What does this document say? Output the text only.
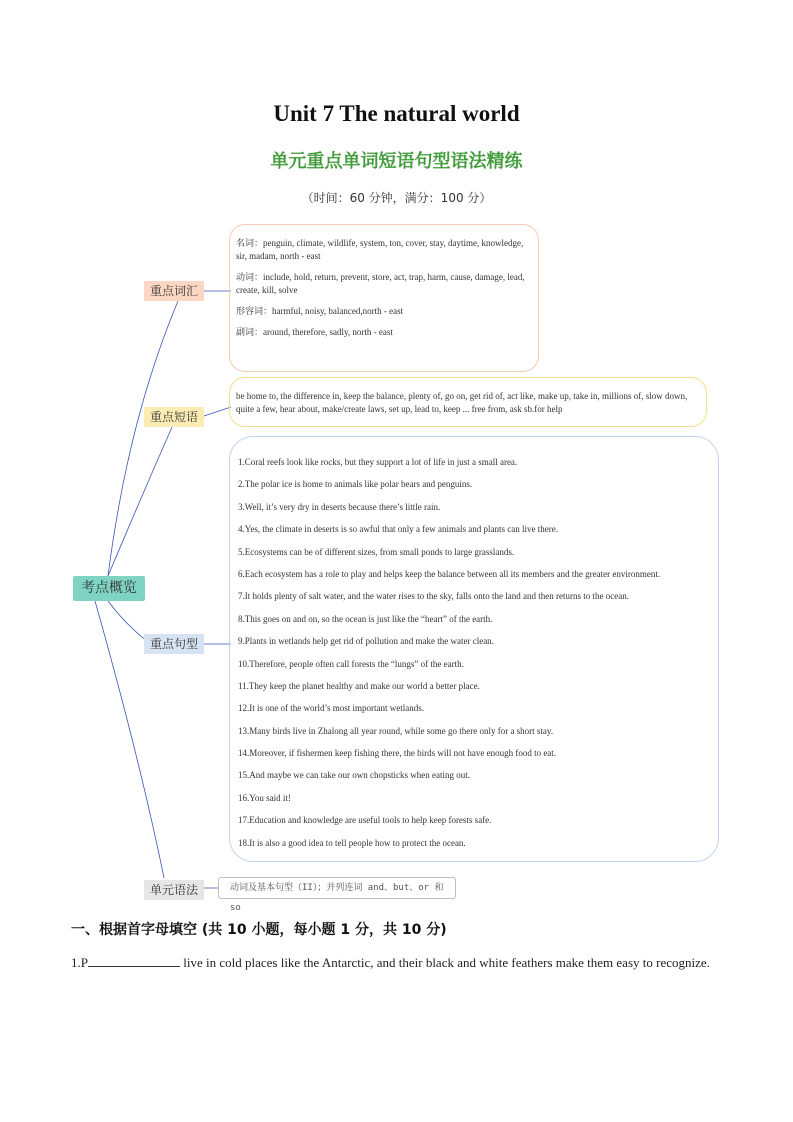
Unit 7 The natural world
单元重点单词短语句型语法精练
（时间：60 分钟，满分：100 分）
考点概览
重点词汇
重点短语
重点句型
单元语法
名词：penguin, climate, wildlife, system, ton, cover, stay, daytime, knowledge, sir, madam, north - east
动词：include, hold, return, prevent, store, act, trap, harm, cause, damage, lead, create, kill, solve
形容词：harmful, noisy, balanced,north - east
副词：around, therefore, sadly, north - east
be home to, the difference in, keep the balance, plenty of, go on, get rid of, act like, make up, take in, millions of, slow down, quite a few, hear about, make/create laws, set up, lead to, keep ... free from, ask sb.for help
1.Coral reefs look like rocks, but they support a lot of life in just a small area.
2.The polar ice is home to animals like polar bears and penguins.
3.Well, it’s very dry in deserts because there’s little rain.
4.Yes, the climate in deserts is so awful that only a few animals and plants can live there.
5.Ecosystems can be of different sizes, from small ponds to large grasslands.
6.Each ecosystem has a role to play and helps keep the balance between all its members and the greater environment.
7.It holds plenty of salt water, and the water rises to the sky, falls onto the land and then returns to the ocean.
8.This goes on and on, so the ocean is just like the “heart” of the earth.
9.Plants in wetlands help get rid of pollution and make the water clean.
10.Therefore, people often call forests the “lungs” of the earth.
11.They keep the planet healthy and make our world a better place.
12.It is one of the world’s most important wetlands.
13.Many birds live in Zhalong all year round, while some go there only for a short stay.
14.Moreover, if fishermen keep fishing there, the birds will not have enough food to eat.
15.And maybe we can take our own chopsticks when eating out.
16.You said it!
17.Education and knowledge are useful tools to help keep forests safe.
18.It is also a good idea to tell people how to protect the ocean.
动词及基本句型（II）；并列连词 and、but、or 和 so
一、根据首字母填空 (共 10 小题，每小题 1 分，共 10 分)
1.P	live in cold places like the Antarctic, and their black and white feathers make them easy to recognize.
